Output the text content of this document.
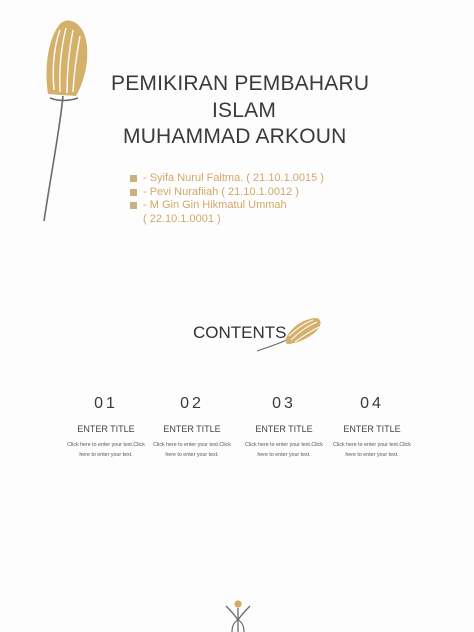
PEMIKIRAN PEMBAHARU
ISLAM
MUHAMMAD ARKOUN
- Syifa Nurul Faltma. ( 21.10.1.0015 )
- Pevi Nurafiiah ( 21.10.1.0012 )
- M Gin Gin Hikmatul Ummah
( 22.10.1.0001 )
CONTENTS
01
ENTER TITLE
Click here to enter your text.Click
here to enter your text.
02
ENTER TITLE
Click here to enter your text.Click
here to enter your text.
03
ENTER TITLE
Click here to enter your text.Click
here to enter your text.
04
ENTER TITLE
Click here to enter your text.Click
here to enter your text.
